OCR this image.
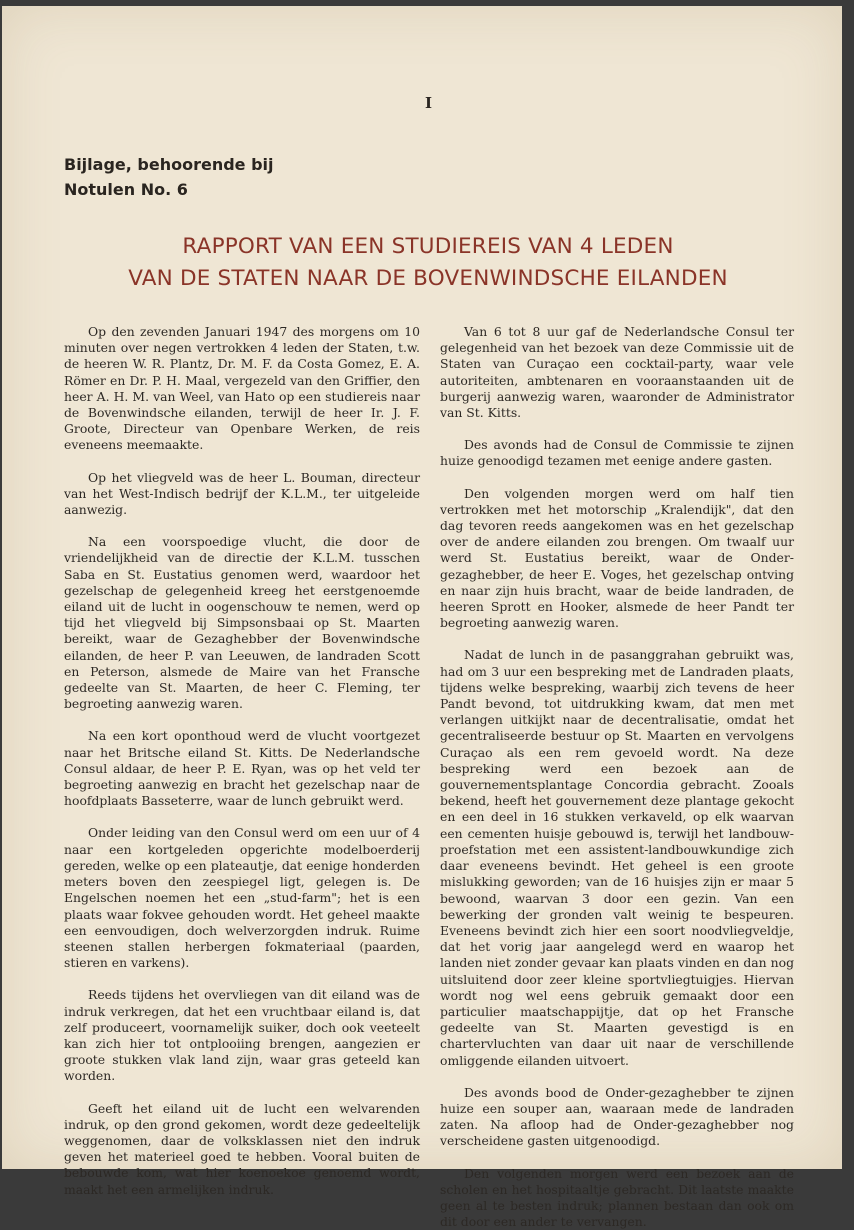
I
Bijlage, behoorende bij
Notulen No. 6
RAPPORT VAN EEN STUDIEREIS VAN 4 LEDEN
VAN DE STATEN NAAR DE BOVENWINDSCHE EILANDEN

Op den zevenden Januari 1947 des morgens om 10 minuten over negen vertrokken 4 leden der Staten, t.w. de heeren W. R. Plantz, Dr. M. F. da Costa Gomez, E. A. Römer en Dr. P. H. Maal, vergezeld van den Griffier, den heer A. H. M. van Weel, van Hato op een studiereis naar de Bovenwindsche eilanden, terwijl de heer Ir. J. F. Groote, Directeur van Openbare Werken, de reis eveneens meemaakte.

Op het vliegveld was de heer L. Bouman, directeur van het West-Indisch bedrijf der K.L.M., ter uitgeleide aanwezig.

Na een voorspoedige vlucht, die door de vriendelijkheid van de directie der K.L.M. tusschen Saba en St. Eustatius genomen werd, waardoor het gezelschap de gelegenheid kreeg het eerstgenoemde eiland uit de lucht in oogenschouw te nemen, werd op tijd het vliegveld bij Simpsonsbaai op St. Maarten bereikt, waar de Gezaghebber der Bovenwindsche eilanden, de heer P. van Leeuwen, de landraden Scott en Peterson, alsmede de Maire van het Fransche gedeelte van St. Maarten, de heer C. Fleming, ter begroeting aanwezig waren.

Na een kort oponthoud werd de vlucht voortgezet naar het Britsche eiland St. Kitts. De Nederlandsche Consul aldaar, de heer P. E. Ryan, was op het veld ter begroeting aanwezig en bracht het gezelschap naar de hoofdplaats Basseterre, waar de lunch gebruikt werd.

Onder leiding van den Consul werd om een uur of 4 naar een kortgeleden opgerichte modelboerderij gereden, welke op een plateautje, dat eenige honderden meters boven den zeespiegel ligt, gelegen is. De Engelschen noemen het een „stud-farm"; het is een plaats waar fokvee gehouden wordt. Het geheel maakte een eenvoudigen, doch welverzorgden indruk. Ruime steenen stallen herbergen fokmateriaal (paarden, stieren en varkens).

Reeds tijdens het overvliegen van dit eiland was de indruk verkregen, dat het een vruchtbaar eiland is, dat zelf produceert, voornamelijk suiker, doch ook veeteelt kan zich hier tot ontplooiing brengen, aangezien er groote stukken vlak land zijn, waar gras geteeld kan worden.

Geeft het eiland uit de lucht een welvarenden indruk, op den grond gekomen, wordt deze gedeeltelijk weggenomen, daar de volksklassen niet den indruk geven het materieel goed te hebben. Vooral buiten de bebouwde kom, wat hier koenoekoe genoemd wordt, maakt het een armelijken indruk.

Van 6 tot 8 uur gaf de Nederlandsche Consul ter gelegenheid van het bezoek van deze Commissie uit de Staten van Curaçao een cocktail-party, waar vele autoriteiten, ambtenaren en vooraanstaanden uit de burgerij aanwezig waren, waaronder de Administrator van St. Kitts.

Des avonds had de Consul de Commissie te zijnen huize genoodigd tezamen met eenige andere gasten.

Den volgenden morgen werd om half tien vertrokken met het motorschip „Kralendijk", dat den dag tevoren reeds aangekomen was en het gezelschap over de andere eilanden zou brengen. Om twaalf uur werd St. Eustatius bereikt, waar de Onder-gezaghebber, de heer E. Voges, het gezelschap ontving en naar zijn huis bracht, waar de beide landraden, de heeren Sprott en Hooker, alsmede de heer Pandt ter begroeting aanwezig waren.

Nadat de lunch in de pasanggrahan gebruikt was, had om 3 uur een bespreking met de Landraden plaats, tijdens welke bespreking, waarbij zich tevens de heer Pandt bevond, tot uitdrukking kwam, dat men met verlangen uitkijkt naar de decentralisatie, omdat het gecentraliseerde bestuur op St. Maarten en vervolgens Curaçao als een rem gevoeld wordt. Na deze bespreking werd een bezoek aan de gouvernementsplantage Concordia gebracht. Zooals bekend, heeft het gouvernement deze plantage gekocht en een deel in 16 stukken verkaveld, op elk waarvan een cementen huisje gebouwd is, terwijl het landbouw-proefstation met een assistent-landbouwkundige zich daar eveneens bevindt. Het geheel is een groote mislukking geworden; van de 16 huisjes zijn er maar 5 bewoond, waarvan 3 door een gezin. Van een bewerking der gronden valt weinig te bespeuren. Eveneens bevindt zich hier een soort noodvliegveldje, dat het vorig jaar aangelegd werd en waarop het landen niet zonder gevaar kan plaats vinden en dan nog uitsluitend door zeer kleine sportvliegtuigjes. Hiervan wordt nog wel eens gebruik gemaakt door een particulier maatschappijtje, dat op het Fransche gedeelte van St. Maarten gevestigd is en chartervluchten van daar uit naar de verschillende omliggende eilanden uitvoert.

Des avonds bood de Onder-gezaghebber te zijnen huize een souper aan, waaraan mede de landraden zaten. Na afloop had de Onder-gezaghebber nog verscheidene gasten uitgenoodigd.

Den volgenden morgen werd een bezoek aan de scholen en het hospitaaltje gebracht. Dit laatste maakte geen al te besten indruk; plannen bestaan dan ook om dit door een ander te vervangen.
